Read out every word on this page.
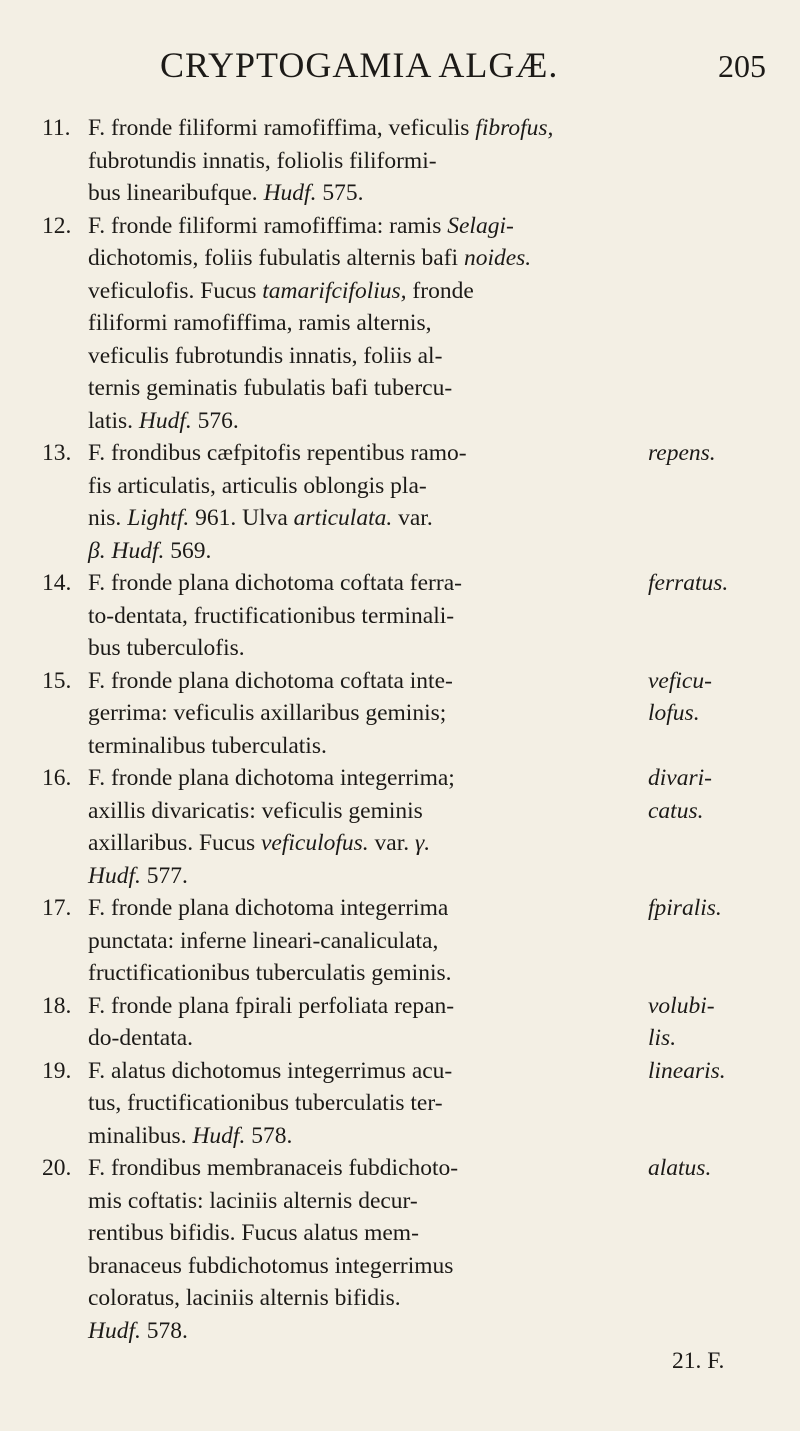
CRYPTOGAMIA ALGÆ.	205
11. F. fronde filiformi ramofiffima, veficulis fibrofus,
fubrotundis innatis, foliolis filiformi-
bus linearibufque. Hudf. 575.
12. F. fronde filiformi ramofiffima: ramis Selagi-
dichotomis, foliis fubulatis alternis bafi noides.
veficulofis. Fucus tamarifcifolius, fronde
filiformi ramofiffima, ramis alternis,
veficulis fubrotundis innatis, foliis al-
ternis geminatis fubulatis bafi tubercu-
latis. Hudf. 576.
13. F. frondibus cæfpitofis repentibus ramo-
fis articulatis, articulis oblongis pla-
nis. Lightf. 961. Ulva articulata. var.
β. Hudf. 569.
repens.
14. F. fronde plana dichotoma coftata ferra-
to-dentata, fructificationibus terminali-
bus tuberculofis.
ferratus.
15. F. fronde plana dichotoma coftata inte-
gerrima: veficulis axillaribus geminis;
terminalibus tuberculatis.
veficu-
lofus.
16. F. fronde plana dichotoma integerrima;
axillis divaricatis: veficulis geminis
axillaribus. Fucus veficulofus. var. γ.
Hudf. 577.
divari-
catus.
17. F. fronde plana dichotoma integerrima
punctata: inferne lineari-canaliculata,
fructificationibus tuberculatis geminis.
fpiralis.
18. F. fronde plana fpirali perfoliata repan-
do-dentata.
volubi-
lis.
19. F. alatus dichotomus integerrimus acu-
tus, fructificationibus tuberculatis ter-
minalibus. Hudf. 578.
linearis.
20. F. frondibus membranaceis fubdichoto-
mis coftatis: laciniis alternis decur-
rentibus bifidis. Fucus alatus mem-
branaceus fubdichotomus integerrimus
coloratus, laciniis alternis bifidis.
Hudf. 578.
alatus.
21. F.
